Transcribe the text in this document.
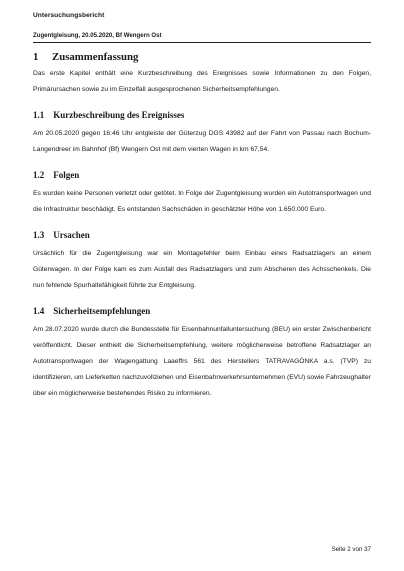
Untersuchungsbericht
Zugentgleisung, 20.05.2020, Bf Wengern Ost
1	Zusammenfassung

Das erste Kapitel enthält eine Kurzbeschreibung des Ereignisses sowie Informationen zu den Folgen, Primärursachen sowie zu im Einzelfall ausgesprochenen Sicherheitsempfehlungen.

1.1 Kurzbeschreibung des Ereignisses

Am 20.05.2020 gegen 16:46 Uhr entgleiste der Güterzug DGS 43982 auf der Fahrt von Passau nach Bochum-Langendreer im Bahnhof (Bf) Wengern Ost mit dem vierten Wagen in km 67,54.

1.2 Folgen

Es wurden keine Personen verletzt oder getötet. In Folge der Zugentgleisung wurden ein Autotransportwagen und die Infrastruktur beschädigt. Es entstanden Sachschäden in geschätzter Höhe von 1.650.000 Euro.

1.3 Ursachen

Ursächlich für die Zugentgleisung war ein Montagefehler beim Einbau eines Radsatzlagers an einem Güterwagen. In der Folge kam es zum Ausfall des Radsatzlagers und zum Abscheren des Achsschenkels. Die nun fehlende Spurhaltefähigkeit führte zur Entgleisung.

1.4 Sicherheitsempfehlungen

Am 28.07.2020 wurde durch die Bundesstelle für Eisenbahnunfalluntersuchung (BEU) ein erster Zwischenbericht veröffentlicht. Dieser enthielt die Sicherheitsempfehlung, weitere möglicherweise betroffene Radsatzlager an Autotransportwagen der Wagengattung Laaeffrs 561 des Herstellers TATRAVAGÓNKA a.s. (TVP) zu identifizieren, um Lieferketten nachzuvollziehen und Eisenbahnverkehrsunternehmen (EVU) sowie Fahrzeughalter über ein möglicherweise bestehendes Risiko zu informieren.

Seite 2 von 37
